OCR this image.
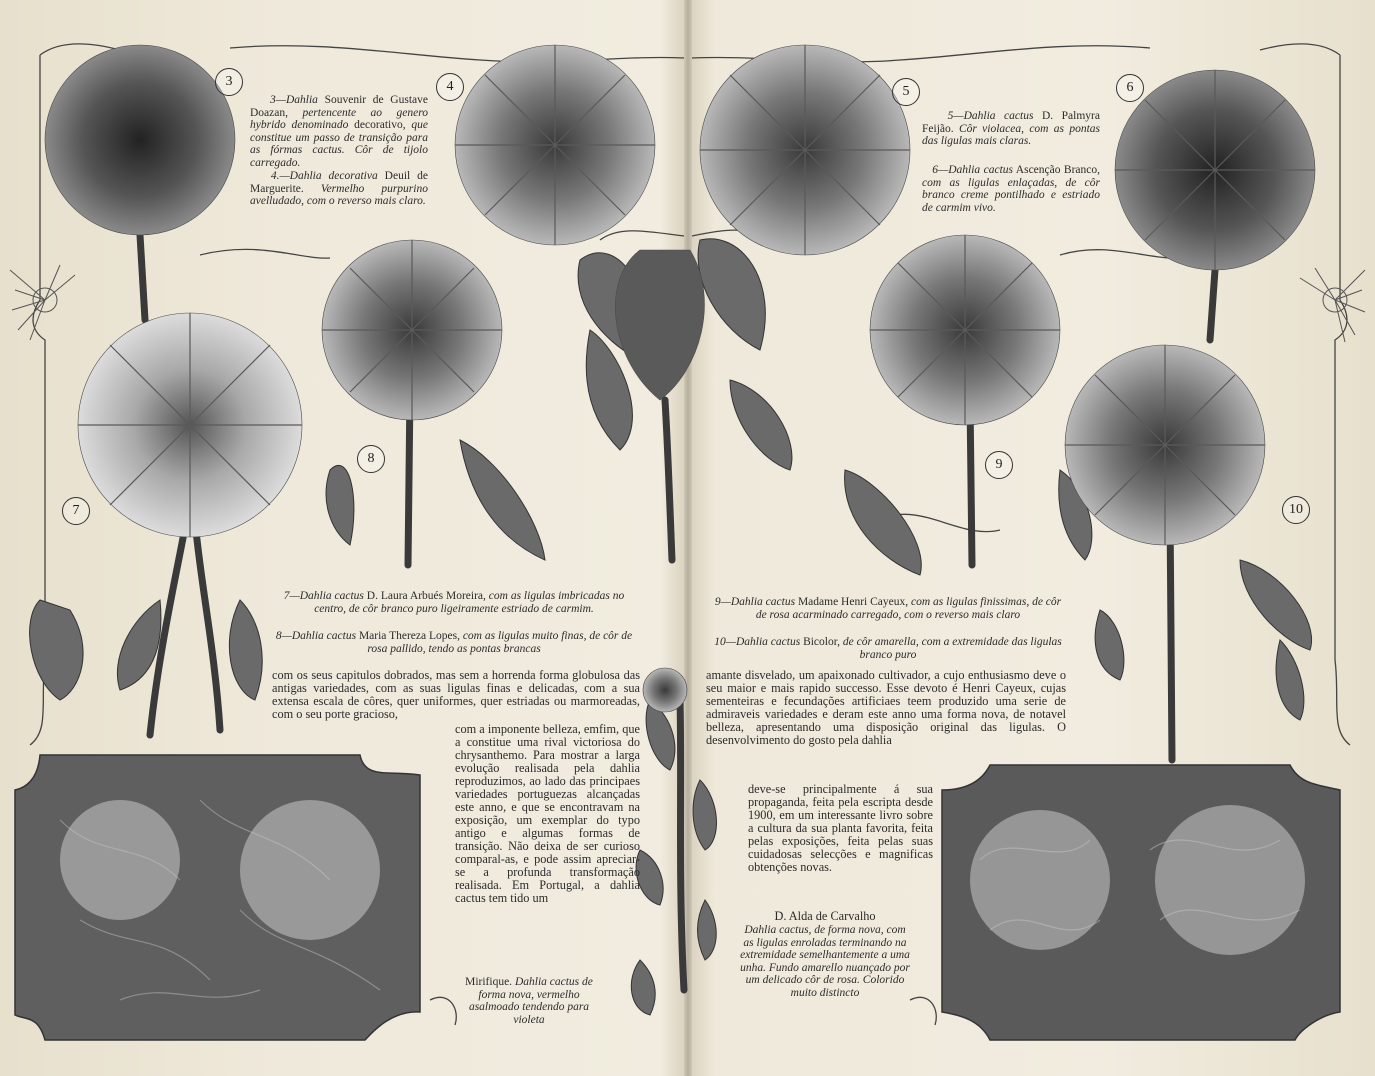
3	4	5	6
7
8	9
10

3—Dahlia Souvenir de Gustave Doazan, pertencente ao genero hybrido denominado decorativo, que constitue um passo de transição para as fórmas cactus. Côr de tijolo carregado.

4.—Dahlia decorativa Deuil de Marguerite. Vermelho purpurino avelludado, com o reverso mais claro.

5—Dahlia cactus D. Palmyra Feijão. Côr violacea, com as pontas das ligulas mais claras.

6—Dahlia cactus Ascenção Branco, com as ligulas enlaçadas, de côr branco creme pontilhado e estriado de carmim vivo.

7—Dahlia cactus D. Laura Arbués Moreira, com as ligulas imbricadas no centro, de côr branco puro ligeiramente estriado de carmim.

8—Dahlia cactus Maria Thereza Lopes, com as ligulas muito finas, de côr de rosa pallido, tendo as pontas brancas

9—Dahlia cactus Madame Henri Cayeux, com as ligulas finissimas, de côr de rosa acarminado carregado, com o reverso mais claro

10—Dahlia cactus Bicolor, de côr amarella, com a extremidade das ligulas branco puro

com os seus capitulos dobrados, mas sem a horrenda forma globulosa das antigas variedades, com as suas ligulas finas e delicadas, com a sua extensa escala de côres, quer uniformes, quer estriadas ou marmoreadas, com o seu porte gracioso,
com a imponente belleza, emfim, que a constitue uma rival victoriosa do chrysanthemo. Para mostrar a larga evolução realisada pela dahlia reproduzimos, ao lado das principaes variedades portuguezas alcançadas este anno, e que se encontravam na exposição, um exemplar do typo antigo e algumas formas de transição. Não deixa de ser curioso comparal-as, e pode assim apreciar-se a profunda transformação realisada. Em Portugal, a dahlia cactus tem tido um

Mirifique. Dahlia cactus de forma nova, vermelho asalmoado tendendo para violeta

amante disvelado, um apaixonado cultivador, a cujo enthusiasmo deve o seu maior e mais rapido successo. Esse devoto é Henri Cayeux, cujas sementeiras e fecundações artificiaes teem produzido uma serie de admiraveis variedades e deram este anno uma forma nova, de notavel belleza, apresentando uma disposição original das ligulas. O desenvolvimento do gosto pela dahlia
deve-se principalmente á sua propaganda, feita pela escripta desde 1900, em um interessante livro sobre a cultura da sua planta favorita, feita pelas exposições, feita pelas suas cuidadosas selecções e magnificas obtenções novas.
D. Alda de Carvalho
Dahlia cactus, de forma nova, com as ligulas enroladas terminando na extremidade semelhantemente a uma unha. Fundo amarello nuançado por um delicado côr de rosa. Colorido muito distincto
